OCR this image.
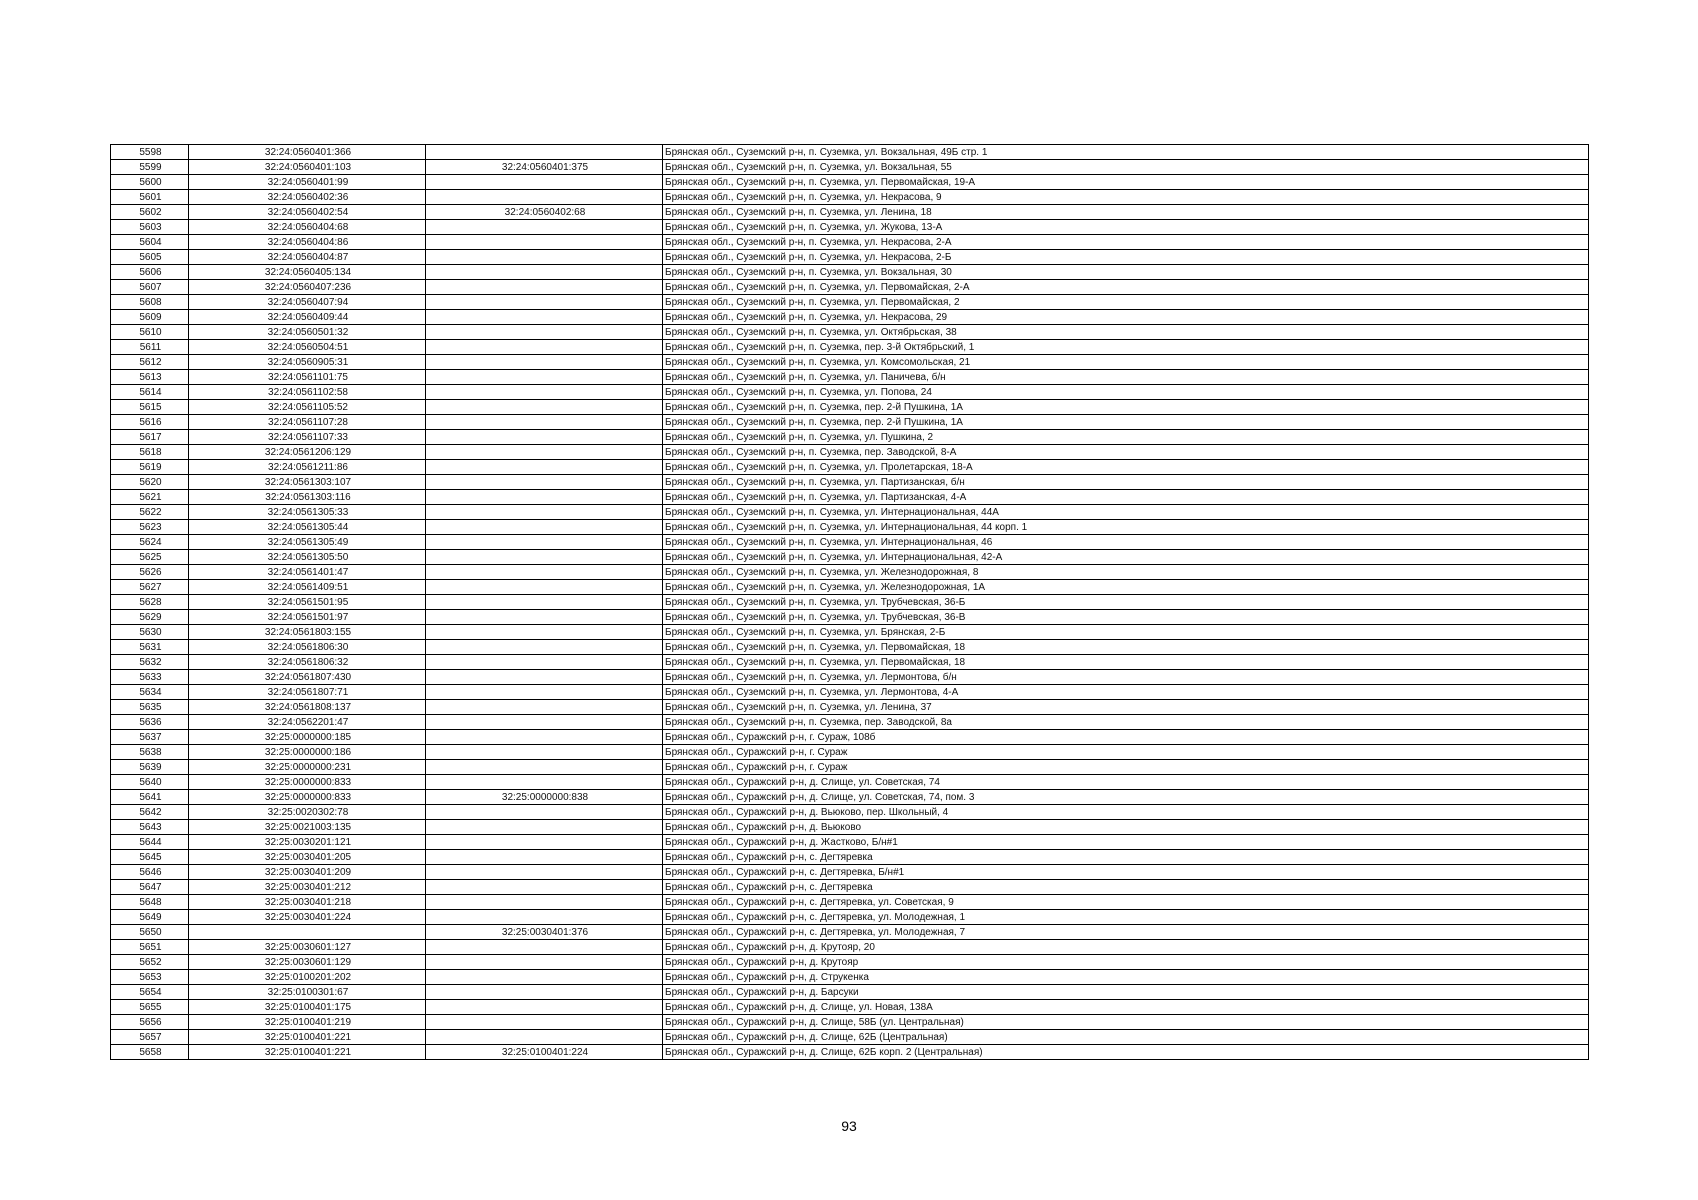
5598	32:24:0560401:366		Брянская обл., Суземский р-н, п. Суземка, ул. Вокзальная, 49Б стр. 1
5599	32:24:0560401:103	32:24:0560401:375	Брянская обл., Суземский р-н, п. Суземка, ул. Вокзальная, 55
5600	32:24:0560401:99		Брянская обл., Суземский р-н, п. Суземка, ул. Первомайская, 19-А
5601	32:24:0560402:36		Брянская обл., Суземский р-н, п. Суземка, ул. Некрасова, 9
5602	32:24:0560402:54	32:24:0560402:68	Брянская обл., Суземский р-н, п. Суземка, ул. Ленина, 18
5603	32:24:0560404:68		Брянская обл., Суземский р-н, п. Суземка, ул. Жукова, 13-А
5604	32:24:0560404:86		Брянская обл., Суземский р-н, п. Суземка, ул. Некрасова, 2-А
5605	32:24:0560404:87		Брянская обл., Суземский р-н, п. Суземка, ул. Некрасова, 2-Б
5606	32:24:0560405:134		Брянская обл., Суземский р-н, п. Суземка, ул. Вокзальная, 30
5607	32:24:0560407:236		Брянская обл., Суземский р-н, п. Суземка, ул. Первомайская, 2-А
5608	32:24:0560407:94		Брянская обл., Суземский р-н, п. Суземка, ул. Первомайская, 2
5609	32:24:0560409:44		Брянская обл., Суземский р-н, п. Суземка, ул. Некрасова, 29
5610	32:24:0560501:32		Брянская обл., Суземский р-н, п. Суземка, ул. Октябрьская, 38
5611	32:24:0560504:51		Брянская обл., Суземский р-н, п. Суземка, пер. 3-й Октябрьский, 1
5612	32:24:0560905:31		Брянская обл., Суземский р-н, п. Суземка, ул. Комсомольская, 21
5613	32:24:0561101:75		Брянская обл., Суземский р-н, п. Суземка, ул. Паничева, б/н
5614	32:24:0561102:58		Брянская обл., Суземский р-н, п. Суземка, ул. Попова, 24
5615	32:24:0561105:52		Брянская обл., Суземский р-н, п. Суземка, пер. 2-й Пушкина, 1А
5616	32:24:0561107:28		Брянская обл., Суземский р-н, п. Суземка, пер. 2-й Пушкина, 1А
5617	32:24:0561107:33		Брянская обл., Суземский р-н, п. Суземка, ул. Пушкина, 2
5618	32:24:0561206:129		Брянская обл., Суземский р-н, п. Суземка, пер. Заводской, 8-А
5619	32:24:0561211:86		Брянская обл., Суземский р-н, п. Суземка, ул. Пролетарская, 18-А
5620	32:24:0561303:107		Брянская обл., Суземский р-н, п. Суземка, ул. Партизанская, б/н
5621	32:24:0561303:116		Брянская обл., Суземский р-н, п. Суземка, ул. Партизанская, 4-А
5622	32:24:0561305:33		Брянская обл., Суземский р-н, п. Суземка, ул. Интернациональная, 44А
5623	32:24:0561305:44		Брянская обл., Суземский р-н, п. Суземка, ул. Интернациональная, 44 корп. 1
5624	32:24:0561305:49		Брянская обл., Суземский р-н, п. Суземка, ул. Интернациональная, 46
5625	32:24:0561305:50		Брянская обл., Суземский р-н, п. Суземка, ул. Интернациональная, 42-А
5626	32:24:0561401:47		Брянская обл., Суземский р-н, п. Суземка, ул. Железнодорожная, 8
5627	32:24:0561409:51		Брянская обл., Суземский р-н, п. Суземка, ул. Железнодорожная, 1А
5628	32:24:0561501:95		Брянская обл., Суземский р-н, п. Суземка, ул. Трубчевская, 36-Б
5629	32:24:0561501:97		Брянская обл., Суземский р-н, п. Суземка, ул. Трубчевская, 36-В
5630	32:24:0561803:155		Брянская обл., Суземский р-н, п. Суземка, ул. Брянская, 2-Б
5631	32:24:0561806:30		Брянская обл., Суземский р-н, п. Суземка, ул. Первомайская, 18
5632	32:24:0561806:32		Брянская обл., Суземский р-н, п. Суземка, ул. Первомайская, 18
5633	32:24:0561807:430		Брянская обл., Суземский р-н, п. Суземка, ул. Лермонтова, б/н
5634	32:24:0561807:71		Брянская обл., Суземский р-н, п. Суземка, ул. Лермонтова, 4-А
5635	32:24:0561808:137		Брянская обл., Суземский р-н, п. Суземка, ул. Ленина, 37
5636	32:24:0562201:47		Брянская обл., Суземский р-н, п. Суземка, пер. Заводской, 8а
5637	32:25:0000000:185		Брянская обл., Суражский р-н, г. Сураж, 108б
5638	32:25:0000000:186		Брянская обл., Суражский р-н, г. Сураж
5639	32:25:0000000:231		Брянская обл., Суражский р-н, г. Сураж
5640	32:25:0000000:833		Брянская обл., Суражский р-н, д. Слище, ул. Советская, 74
5641	32:25:0000000:833	32:25:0000000:838	Брянская обл., Суражский р-н, д. Слище, ул. Советская, 74, пом. 3
5642	32:25:0020302:78		Брянская обл., Суражский р-н, д. Вьюково, пер. Школьный, 4
5643	32:25:0021003:135		Брянская обл., Суражский р-н, д. Вьюково
5644	32:25:0030201:121		Брянская обл., Суражский р-н, д. Жастково, Б/н#1
5645	32:25:0030401:205		Брянская обл., Суражский р-н, с. Дегтяревка
5646	32:25:0030401:209		Брянская обл., Суражский р-н, с. Дегтяревка, Б/н#1
5647	32:25:0030401:212		Брянская обл., Суражский р-н, с. Дегтяревка
5648	32:25:0030401:218		Брянская обл., Суражский р-н, с. Дегтяревка, ул. Советская, 9
5649	32:25:0030401:224		Брянская обл., Суражский р-н, с. Дегтяревка, ул. Молодежная, 1
5650		32:25:0030401:376	Брянская обл., Суражский р-н, с. Дегтяревка, ул. Молодежная, 7
5651	32:25:0030601:127		Брянская обл., Суражский р-н, д. Крутояр, 20
5652	32:25:0030601:129		Брянская обл., Суражский р-н, д. Крутояр
5653	32:25:0100201:202		Брянская обл., Суражский р-н, д. Струкенка
5654	32:25:0100301:67		Брянская обл., Суражский р-н, д. Барсуки
5655	32:25:0100401:175		Брянская обл., Суражский р-н, д. Слище, ул. Новая, 138А
5656	32:25:0100401:219		Брянская обл., Суражский р-н, д. Слище, 58Б (ул. Центральная)
5657	32:25:0100401:221		Брянская обл., Суражский р-н, д. Слище, 62Б (Центральная)
5658	32:25:0100401:221	32:25:0100401:224	Брянская обл., Суражский р-н, д. Слище, 62Б корп. 2 (Центральная)
93
